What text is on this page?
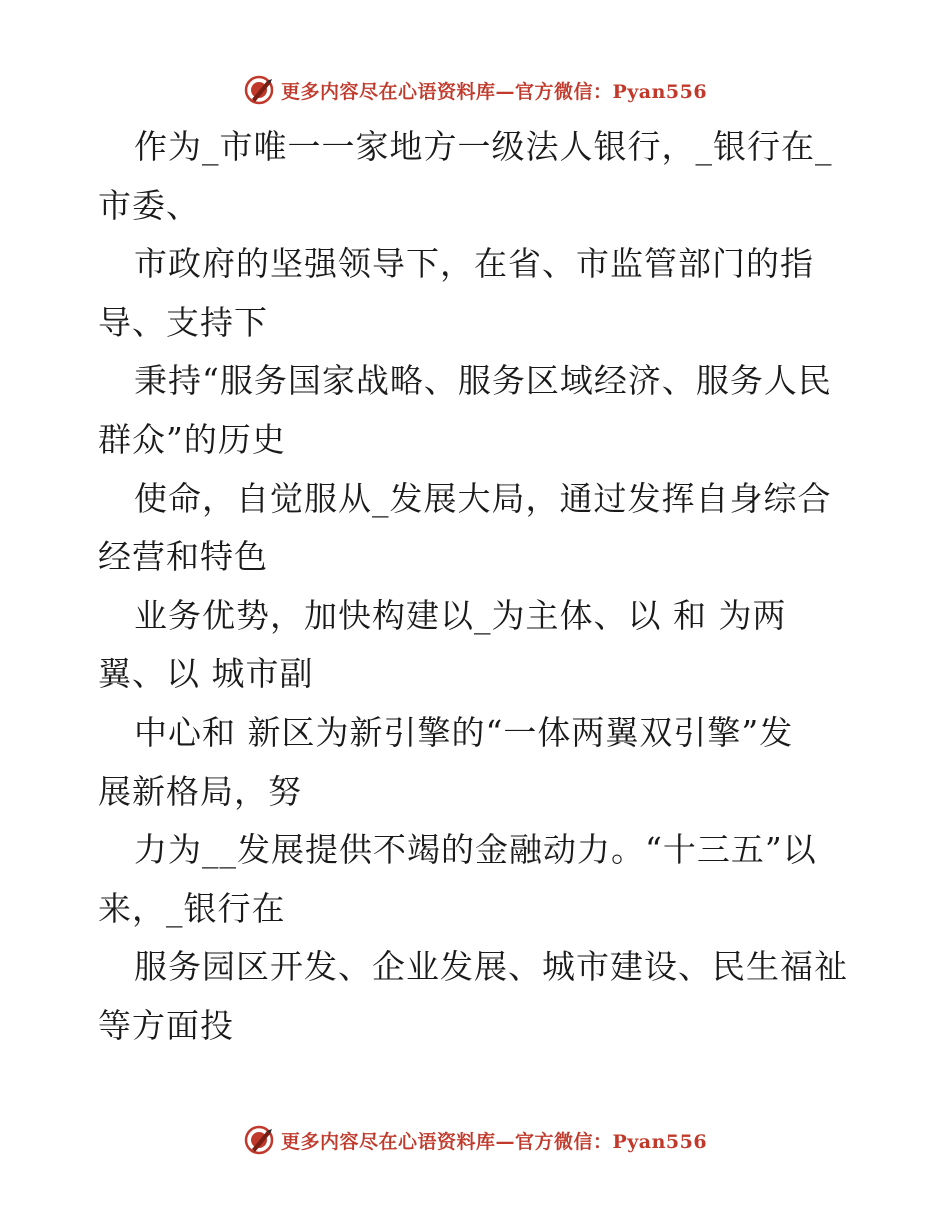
更多内容尽在心语资料库—官方微信：Pyan556
作为_市唯一一家地方一级法人银行，_银行在_
市委、
市政府的坚强领导下，在省、市监管部门的指
导、支持下
秉持“服务国家战略、服务区域经济、服务人民
群众”的历史
使命，自觉服从_发展大局，通过发挥自身综合
经营和特色
业务优势，加快构建以_为主体、以 和 为两
翼、以 城市副
中心和 新区为新引擎的“一体两翼双引擎”发
展新格局，努
力为__发展提供不竭的金融动力。“十三五”以
来，_银行在
服务园区开发、企业发展、城市建设、民生福祉
等方面投
更多内容尽在心语资料库—官方微信：Pyan556
